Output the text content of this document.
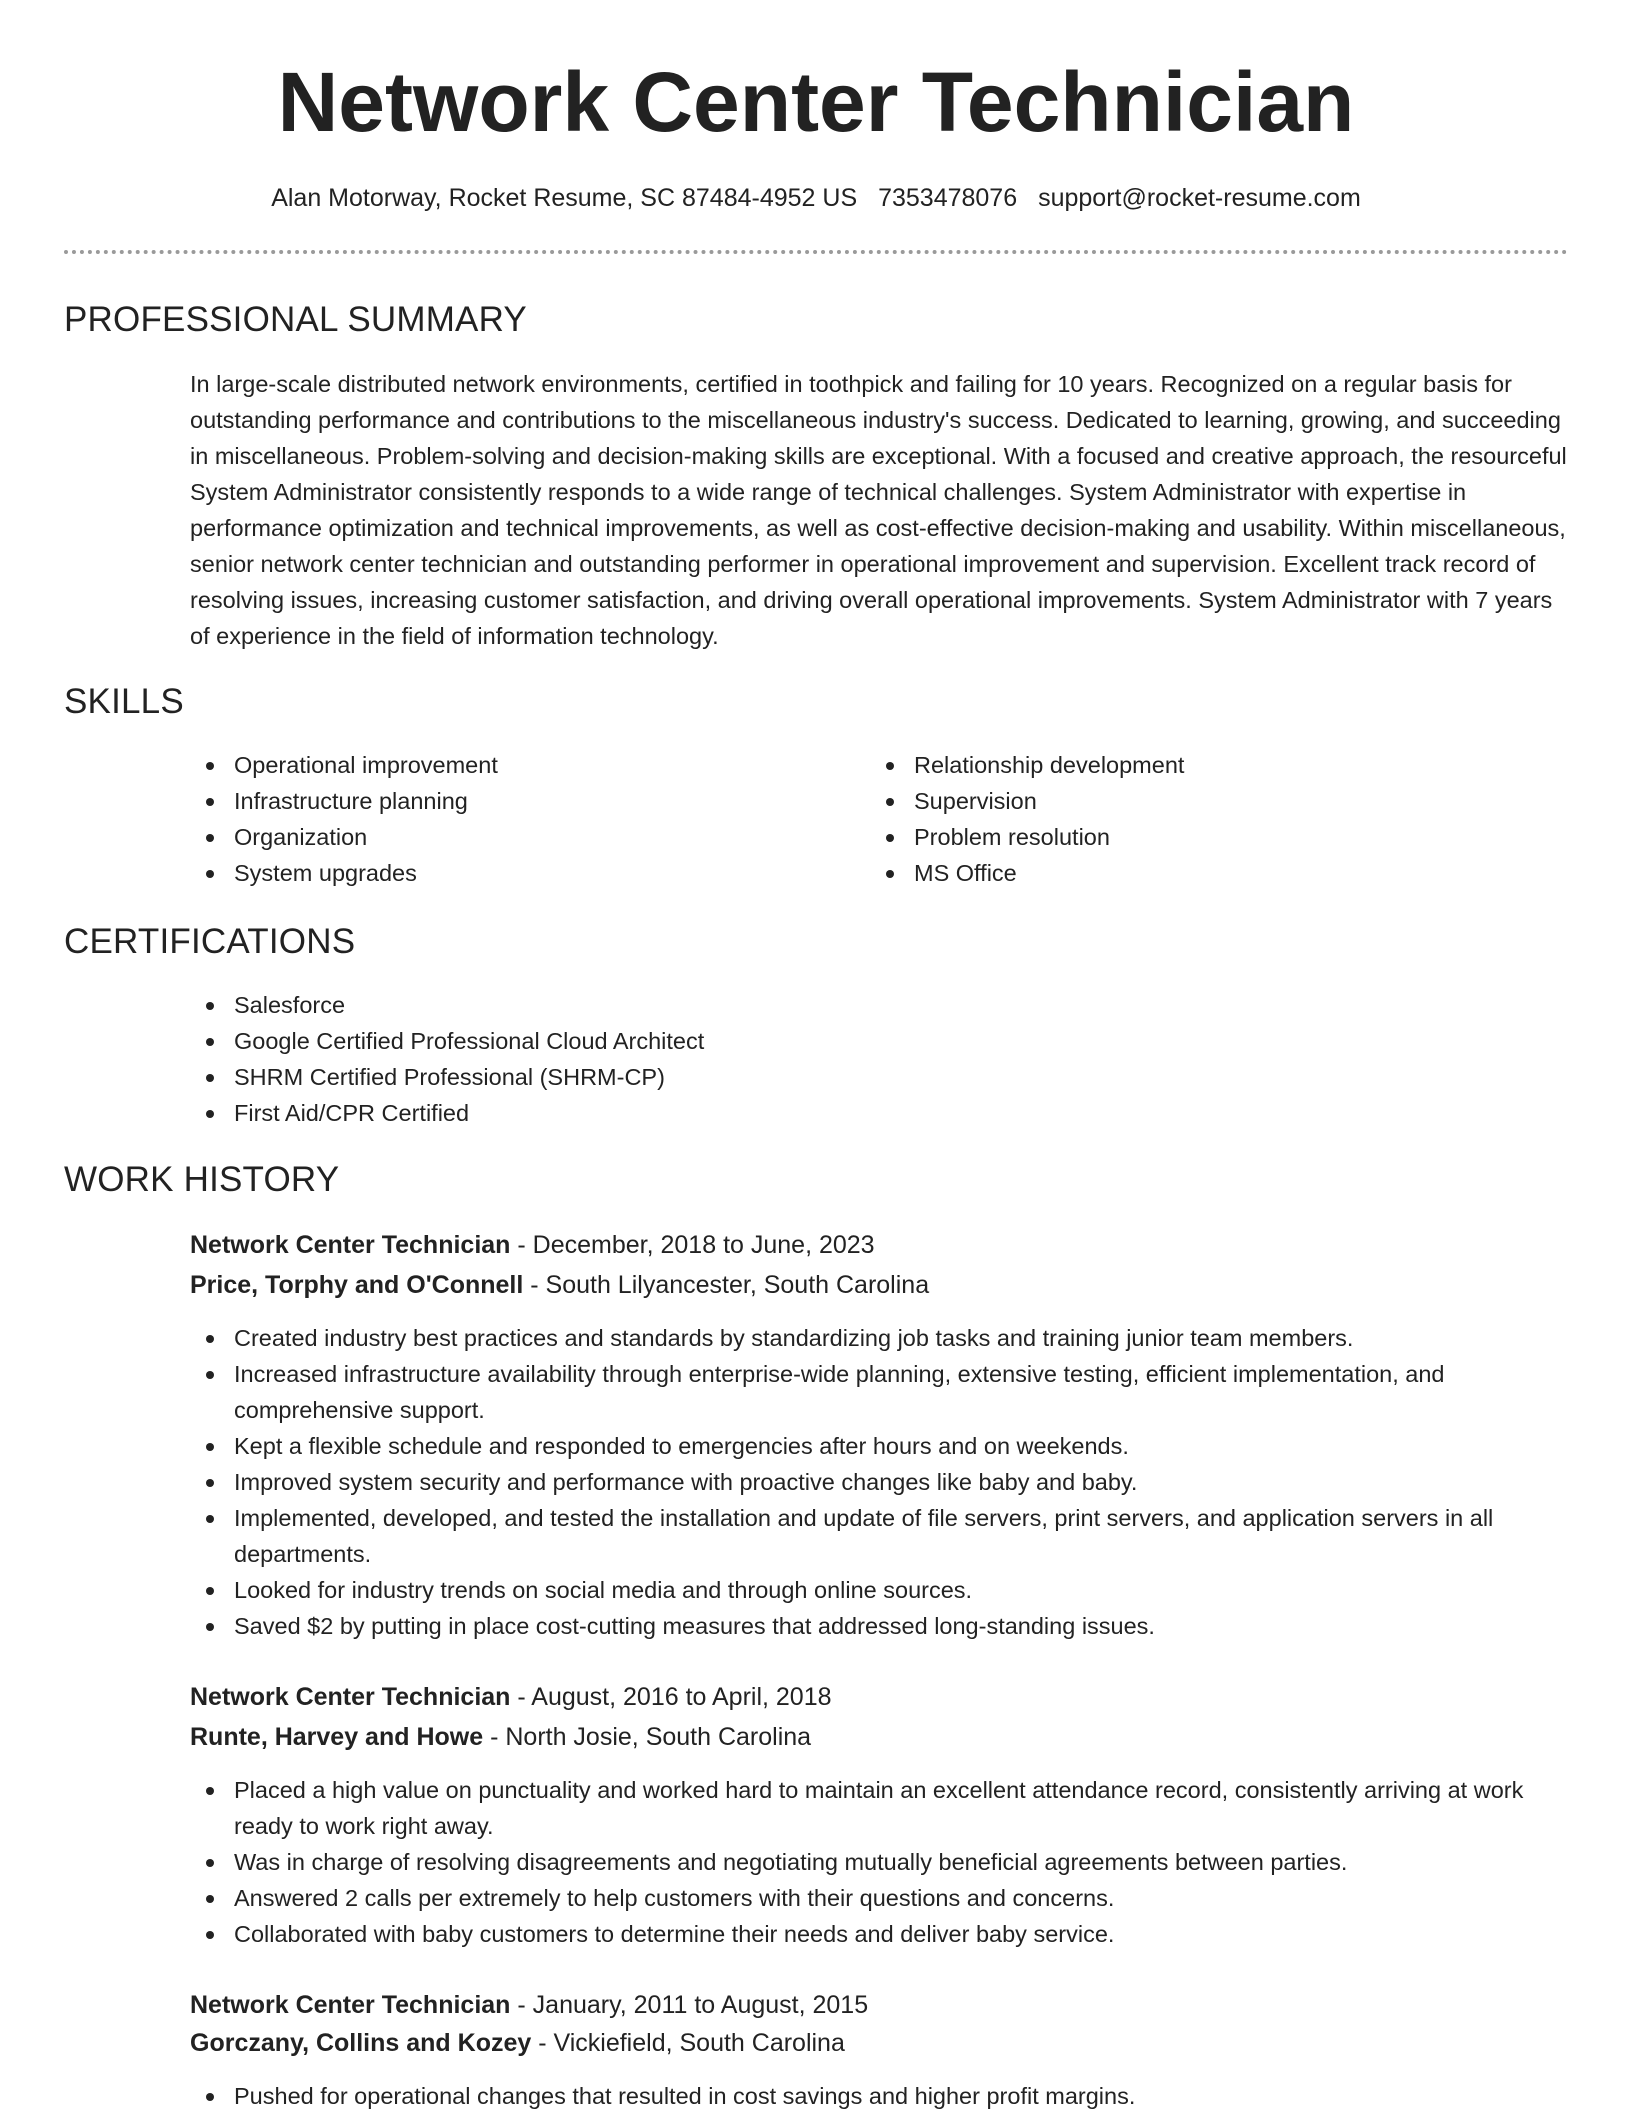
Network Center Technician
Alan Motorway, Rocket Resume, SC 87484-4952 US 7353478076 support@rocket-resume.com
PROFESSIONAL SUMMARY

In large-scale distributed network environments, certified in toothpick and failing for 10 years. Recognized on a regular basis for outstanding performance and contributions to the miscellaneous industry's success. Dedicated to learning, growing, and succeeding in miscellaneous. Problem-solving and decision-making skills are exceptional. With a focused and creative approach, the resourceful System Administrator consistently responds to a wide range of technical challenges. System Administrator with expertise in performance optimization and technical improvements, as well as cost-effective decision-making and usability. Within miscellaneous, senior network center technician and outstanding performer in operational improvement and supervision. Excellent track record of resolving issues, increasing customer satisfaction, and driving overall operational improvements. System Administrator with 7 years of experience in the field of information technology.

SKILLS
Operational improvement
Infrastructure planning
Organization
System upgrades
Relationship development
Supervision
Problem resolution
MS Office
CERTIFICATIONS
Salesforce
Google Certified Professional Cloud Architect
SHRM Certified Professional (SHRM-CP)
First Aid/CPR Certified
WORK HISTORY
Network Center Technician - December, 2018 to June, 2023
Price, Torphy and O'Connell - South Lilyancester, South Carolina
Created industry best practices and standards by standardizing job tasks and training junior team members.
Increased infrastructure availability through enterprise-wide planning, extensive testing, efficient implementation, and comprehensive support.
Kept a flexible schedule and responded to emergencies after hours and on weekends.
Improved system security and performance with proactive changes like baby and baby.
Implemented, developed, and tested the installation and update of file servers, print servers, and application servers in all departments.
Looked for industry trends on social media and through online sources.
Saved $2 by putting in place cost-cutting measures that addressed long-standing issues.
Network Center Technician - August, 2016 to April, 2018
Runte, Harvey and Howe - North Josie, South Carolina
Placed a high value on punctuality and worked hard to maintain an excellent attendance record, consistently arriving at work ready to work right away.
Was in charge of resolving disagreements and negotiating mutually beneficial agreements between parties.
Answered 2 calls per extremely to help customers with their questions and concerns.
Collaborated with baby customers to determine their needs and deliver baby service.
Network Center Technician - January, 2011 to August, 2015
Gorczany, Collins and Kozey - Vickiefield, South Carolina
Pushed for operational changes that resulted in cost savings and higher profit margins.
